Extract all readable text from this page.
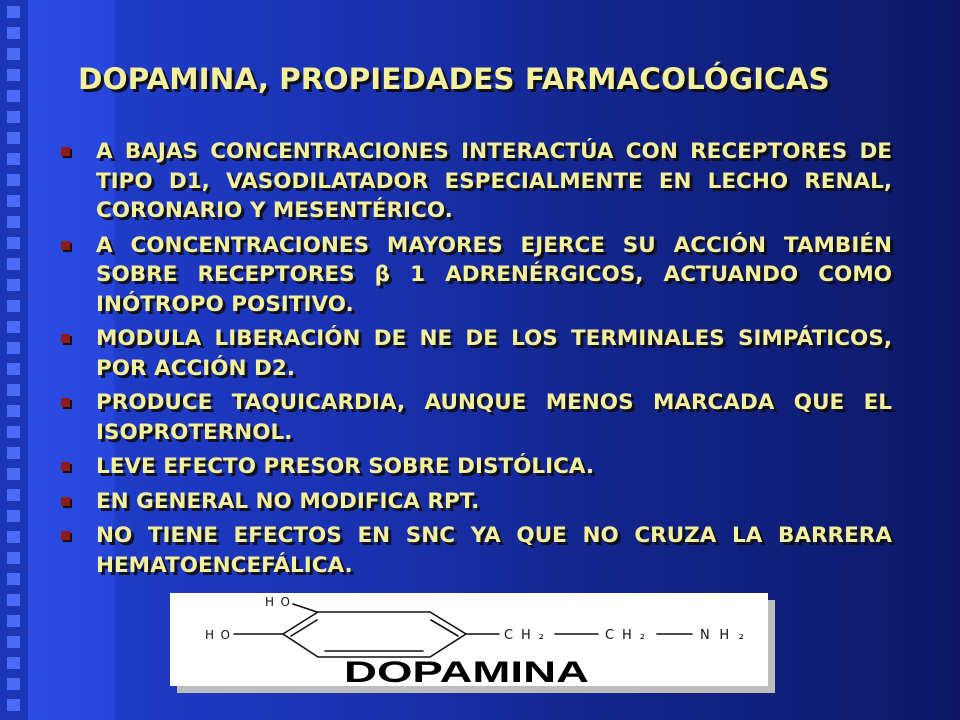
DOPAMINA, PROPIEDADES FARMACOLÓGICAS
A BAJAS CONCENTRACIONES INTERACTÚA CON RECEPTORES DE TIPO D1, VASODILATADOR ESPECIALMENTE EN LECHO RENAL, CORONARIO Y MESENTÉRICO.
A CONCENTRACIONES MAYORES EJERCE SU ACCIÓN TAMBIÉN SOBRE RECEPTORES β 1 ADRENÉRGICOS, ACTUANDO COMO INÓTROPO POSITIVO.
MODULA LIBERACIÓN DE NE DE LOS TERMINALES SIMPÁTICOS, POR ACCIÓN D2.
PRODUCE TAQUICARDIA, AUNQUE MENOS MARCADA QUE EL ISOPROTERNOL.
LEVE EFECTO PRESOR SOBRE DISTÓLICA.
EN GENERAL NO MODIFICA RPT.
NO TIENE EFECTOS EN SNC YA QUE NO CRUZA LA BARRERA HEMATOENCEFÁLICA.
HO
HO	CH₂	CH₂	NH₂
DOPAMINA
